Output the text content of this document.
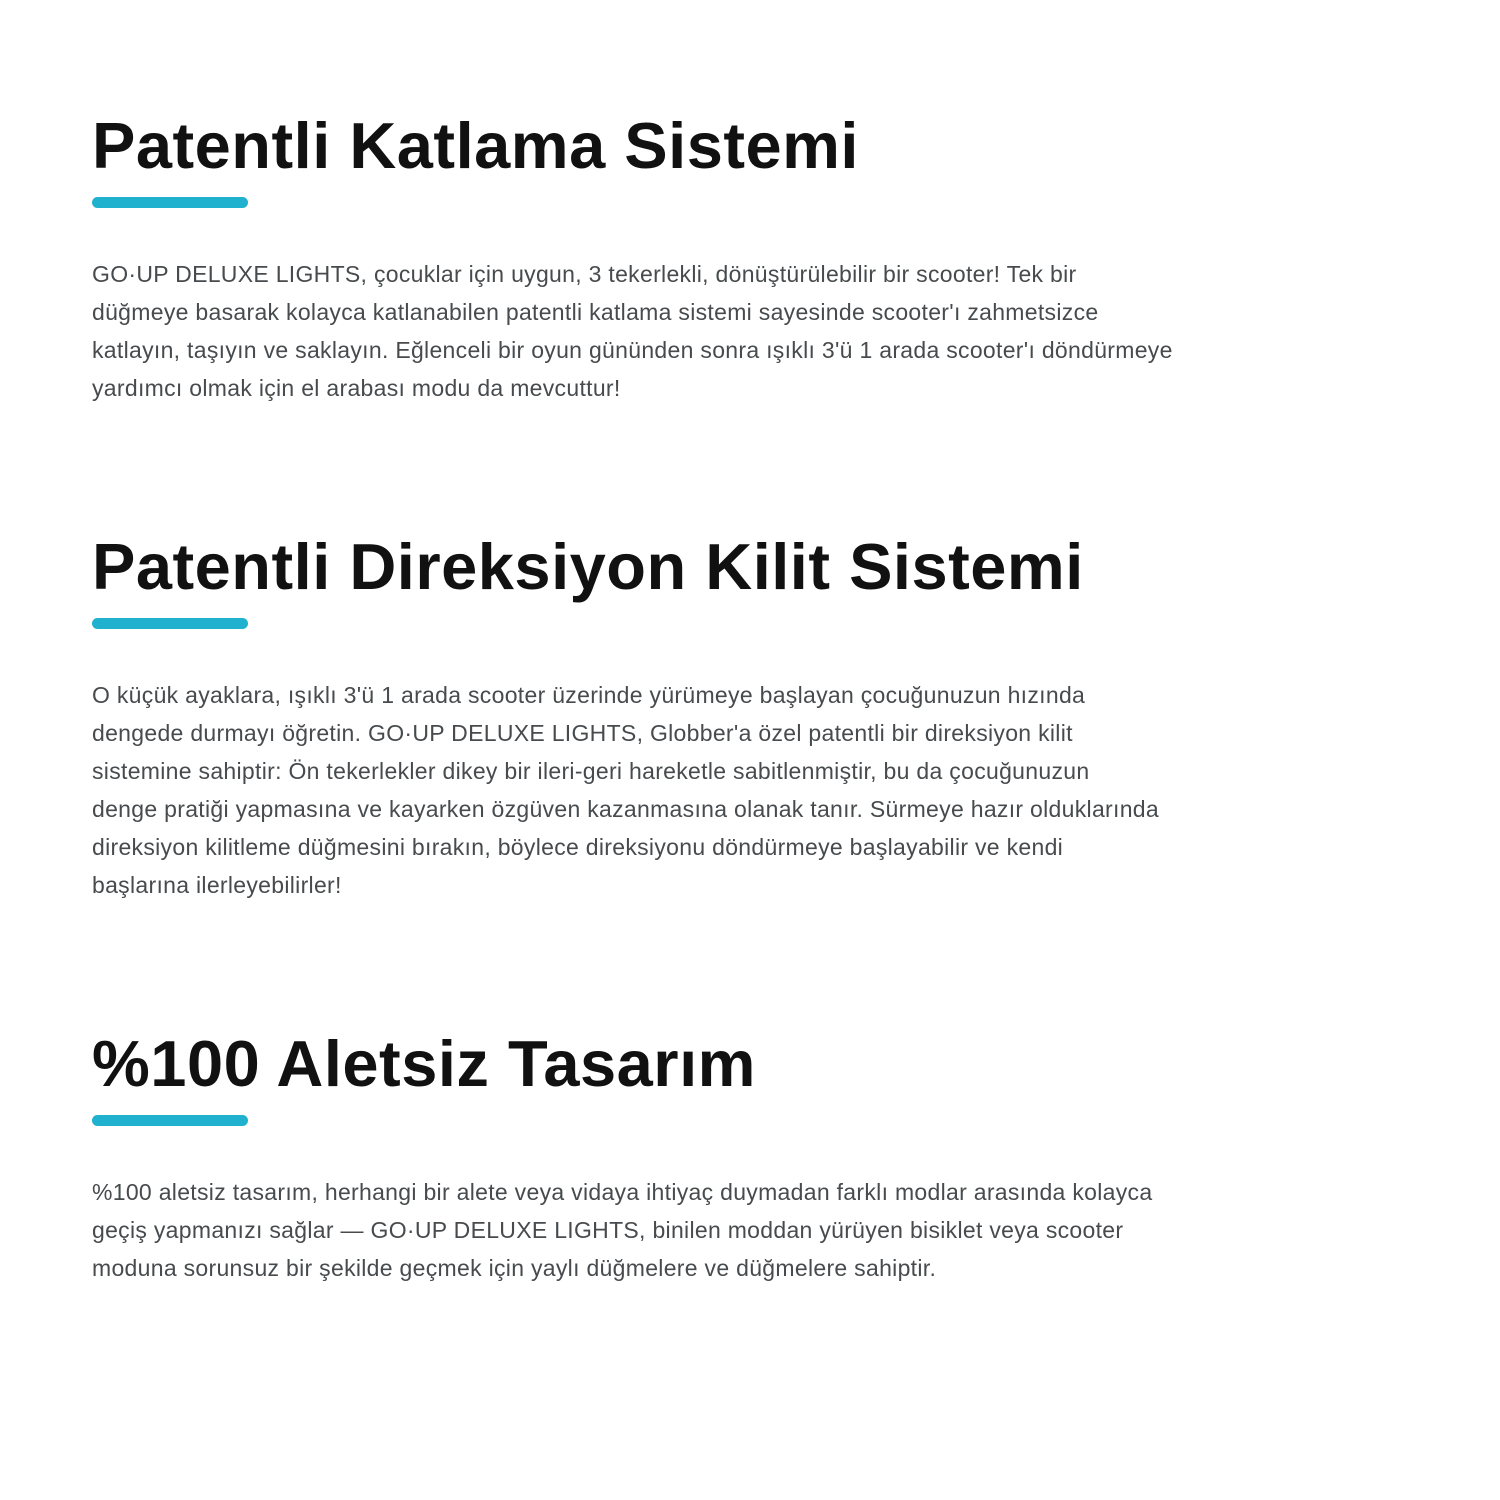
Patentli Katlama Sistemi

GO·UP DELUXE LIGHTS, çocuklar için uygun, 3 tekerlekli, dönüştürülebilir bir scooter! Tek bir
düğmeye basarak kolayca katlanabilen patentli katlama sistemi sayesinde scooter'ı zahmetsizce
katlayın, taşıyın ve saklayın. Eğlenceli bir oyun gününden sonra ışıklı 3'ü 1 arada scooter'ı döndürmeye
yardımcı olmak için el arabası modu da mevcuttur!

Patentli Direksiyon Kilit Sistemi

O küçük ayaklara, ışıklı 3'ü 1 arada scooter üzerinde yürümeye başlayan çocuğunuzun hızında
dengede durmayı öğretin. GO·UP DELUXE LIGHTS, Globber'a özel patentli bir direksiyon kilit
sistemine sahiptir: Ön tekerlekler dikey bir ileri-geri hareketle sabitlenmiştir, bu da çocuğunuzun
denge pratiği yapmasına ve kayarken özgüven kazanmasına olanak tanır. Sürmeye hazır olduklarında
direksiyon kilitleme düğmesini bırakın, böylece direksiyonu döndürmeye başlayabilir ve kendi
başlarına ilerleyebilirler!

%100 Aletsiz Tasarım

%100 aletsiz tasarım, herhangi bir alete veya vidaya ihtiyaç duymadan farklı modlar arasında kolayca
geçiş yapmanızı sağlar — GO·UP DELUXE LIGHTS, binilen moddan yürüyen bisiklet veya scooter
moduna sorunsuz bir şekilde geçmek için yaylı düğmelere ve düğmelere sahiptir.
